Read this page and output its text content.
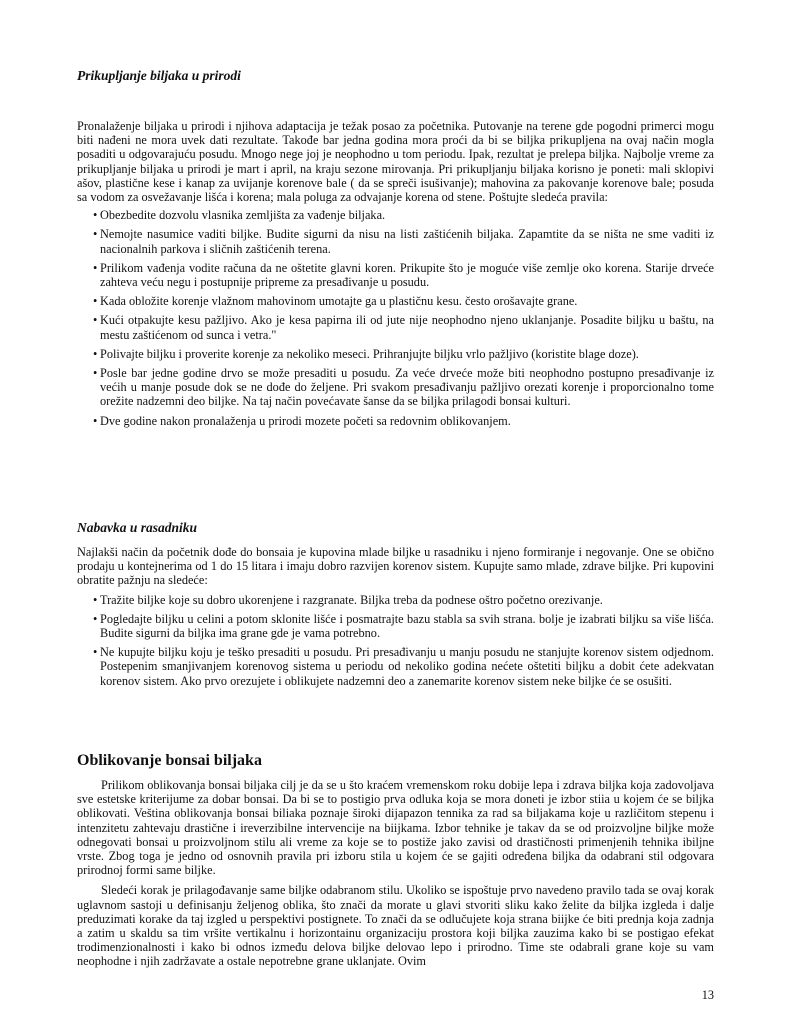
Prikupljanje biljaka u prirodi

Pronalaženje biljaka u prirodi i njihova adaptacija je težak posao za početnika. Putovanje na terene gde pogodni primerci mogu biti nađeni ne mora uvek dati rezultate. Takođe bar jedna godina mora proći da bi se biljka prikupljena na ovaj način mogla posaditi u odgovarajuću posudu. Mnogo nege joj je neophodno u tom periodu. Ipak, rezultat je prelepa biljka. Najbolje vreme za prikupljanje biljaka u prirodi je mart i april, na kraju sezone mirovanja. Pri prikupljanju biljaka korisno je poneti: mali sklopivi ašov, plastične kese i kanap za uvijanje korenove bale ( da se spreči isušivanje); mahovina za pakovanje korenove bale; posuda sa vodom za osvežavanje lišća i korena; mala poluga za odvajanje korena od stene. Poštujte sledeća pravila:

• Obezbedite dozvolu vlasnika zemljišta za vađenje biljaka.
• Nemojte nasumice vaditi biljke. Budite sigurni da nisu na listi zaštićenih biljaka. Zapamtite da se ništa ne sme vaditi iz nacionalnih parkova i sličnih zaštićenih terena.
• Prilikom vađenja vodite računa da ne oštetite glavni koren. Prikupite što je moguće više zemlje oko korena. Starije drveće zahteva veću negu i postupnije pripreme za presađivanje u posudu.
• Kada obložite korenje vlažnom mahovinom umotajte ga u plastičnu kesu. često orošavajte grane.
• Kući otpakujte kesu pažljivo. Ako je kesa papirna ili od jute nije neophodno njeno uklanjanje. Posadite biljku u baštu, na mestu zaštićenom od sunca i vetra."
• Polivajte biljku i proverite korenje za nekoliko meseci. Prihranjujte biljku vrlo pažljivo (koristite blage doze).
• Posle bar jedne godine drvo se može presaditi u posudu. Za veće drveće može biti neophodno postupno presađivanje iz većih u manje posude dok se ne dođe do željene. Pri svakom presađivanju pažljivo orezati korenje i proporcionalno tome orežite nadzemni deo biljke. Na taj način povećavate šanse da se biljka prilagodi bonsai kulturi.
• Dve godine nakon pronalaženja u prirodi mozete početi sa redovnim oblikovanjem.
Nabavka u rasadniku

Najlakši način da početnik dođe do bonsaia je kupovina mlade biljke u rasadniku i njeno formiranje i negovanje. One se obično prodaju u kontejnerima od 1 do 15 litara i imaju dobro razvijen korenov sistem. Kupujte samo mlade, zdrave biljke. Pri kupovini obratite pažnju na sledeće:

• Tražite biljke koje su dobro ukorenjene i razgranate. Biljka treba da podnese oštro početno orezivanje.
• Pogledajte biljku u celini a potom sklonite lišće i posmatrajte bazu stabla sa svih strana. bolje je izabrati biljku sa više lišća. Budite sigurni da biljka ima grane gde je vama potrebno.
• Ne kupujte biljku koju je teško presaditi u posudu. Pri presađivanju u manju posudu ne stanjujte korenov sistem odjednom. Postepenim smanjivanjem korenovog sistema u periodu od nekoliko godina nećete oštetiti biljku a dobit ćete adekvatan korenov sistem. Ako prvo orezujete i oblikujete nadzemni deo a zanemarite korenov sistem neke biljke će se osušiti.
Oblikovanje bonsai biljaka

Prilikom oblikovanja bonsai biljaka cilj je da se u što kraćem vremenskom roku dobije lepa i zdrava biljka koja zadovoljava sve estetske kriterijume za dobar bonsai. Da bi se to postigio prva odluka koja se mora doneti je izbor stiia u kojem će se biljka oblikovati. Veština oblikovanja bonsai biliaka poznaje široki dijapazon tennika za rad sa biljakama koje u različitom stepenu i intenzitetu zahtevaju drastične i ireverzibilne intervencije na biijkama. Izbor tehnike je takav da se od proizvoljne biljke može odnegovati bonsai u proizvoljnom stilu ali vreme za koje se to postiže jako zavisi od drastičnosti primenjenih tehnika ibiljne vrste. Zbog toga je jedno od osnovnih pravila pri izboru stila u kojem će se gajiti određena biljka da odabrani stil odgovara prirodnoj formi same biljke.

Sledeći korak je prilagođavanje same biljke odabranom stilu. Ukoliko se ispoštuje prvo navedeno pravilo tada se ovaj korak uglavnom sastoji u definisanju željenog oblika, što znači da morate u glavi stvoriti sliku kako želite da biljka izgleda i dalje preduzimati korake da taj izgled u perspektivi postignete. To znači da se odlučujete koja strana biijke će biti prednja koja zadnja a zatim u skaldu sa tim vršite vertikalnu i horizontainu organizaciju prostora koji biljka zauzima kako bi se postigao efekat trodimenzionalnosti i kako bi odnos između delova biljke delovao lepo i prirodno. Time ste odabrali grane koje su vam neophodne i njih zadržavate a ostale nepotrebne grane uklanjate. Ovim

13
